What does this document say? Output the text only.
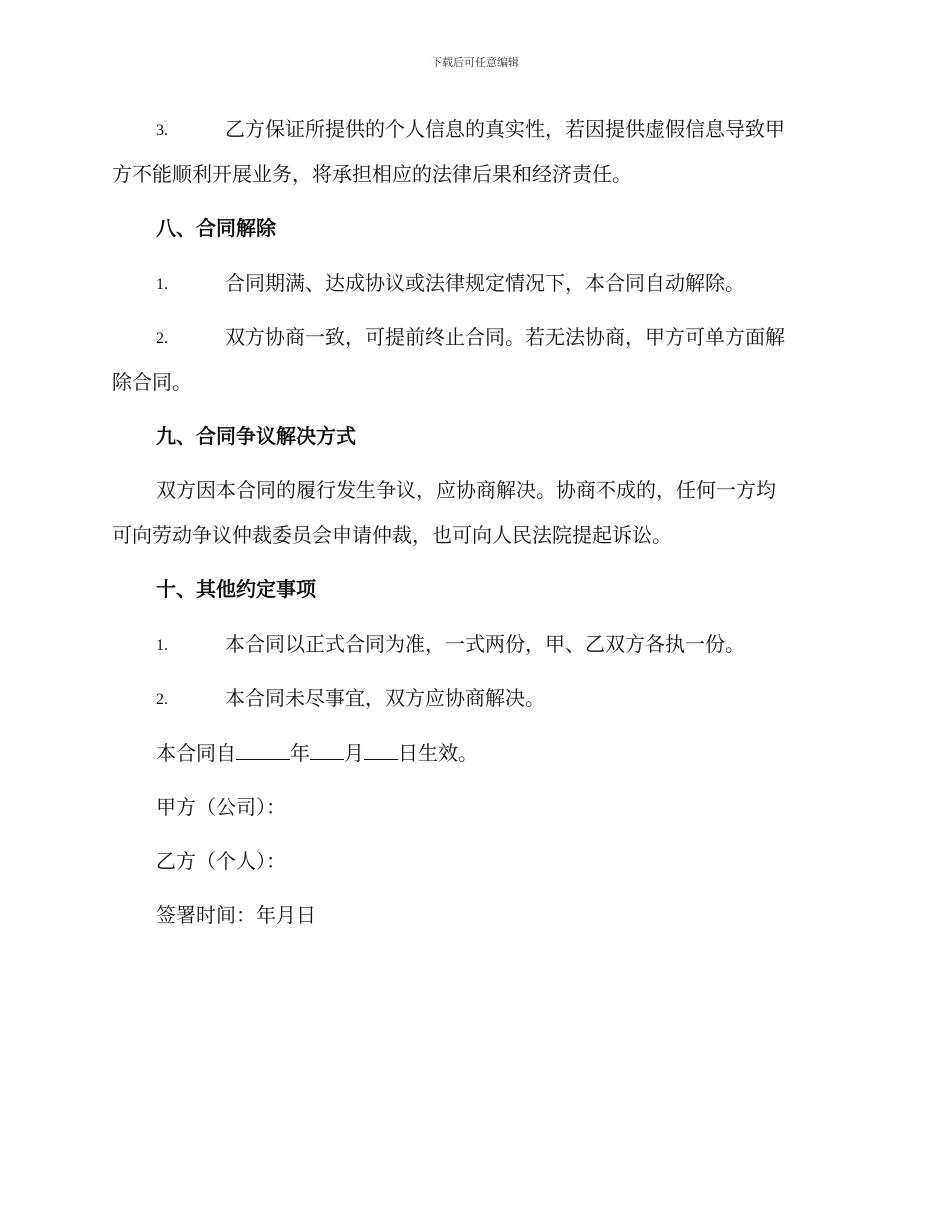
下载后可任意编辑
3.	乙方保证所提供的个人信息的真实性，若因提供虚假信息导致甲
方不能顺利开展业务，将承担相应的法律后果和经济责任。
八、合同解除
1.	合同期满、达成协议或法律规定情况下，本合同自动解除。
2.	双方协商一致，可提前终止合同。若无法协商，甲方可单方面解
除合同。
九、合同争议解决方式
双方因本合同的履行发生争议，应协商解决。协商不成的，任何一方均
可向劳动争议仲裁委员会申请仲裁，也可向人民法院提起诉讼。
十、其他约定事项
1.	本合同以正式合同为准，一式两份，甲、乙双方各执一份。
2.	本合同未尽事宜，双方应协商解决。
本合同自	年 月 日生效。
甲方（公司）：
乙方（个人）：
签署时间：年月日
